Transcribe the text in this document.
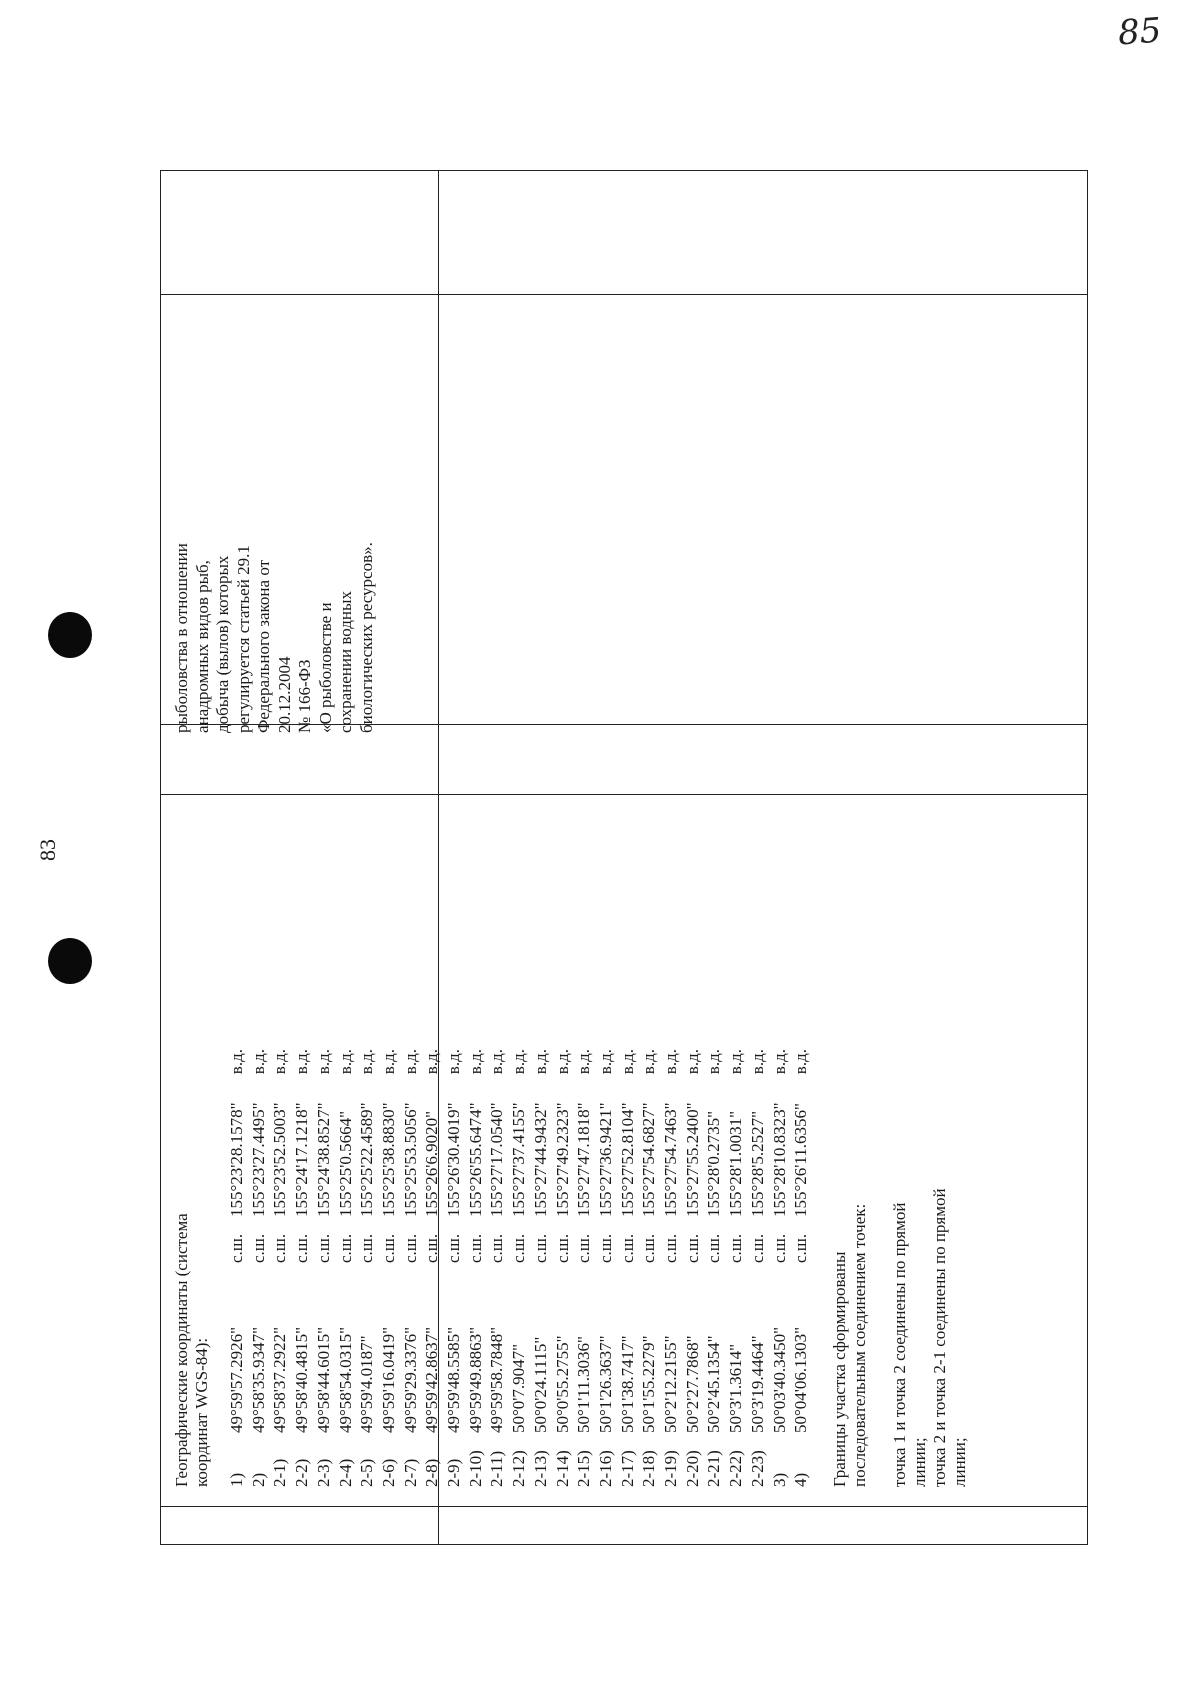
85
83
Географические координаты (система координат WGS-84): 1)
49°59'57.2926"
с.ш.
155°23'28.1578"
в.д.
2)
49°58'35.9347"
с.ш.
155°23'27.4495"
в.д.
2-1)
49°58'37.2922"
с.ш.
155°23'52.5003"
в.д.
2-2)
49°58'40.4815"
с.ш.
155°24'17.1218"
в.д.
2-3)
49°58'44.6015"
с.ш.
155°24'38.8527"
в.д.
2-4)
49°58'54.0315"
с.ш.
155°25'0.5664"
в.д.
2-5)
49°59'4.0187"
с.ш.
155°25'22.4589"
в.д.
2-6)
49°59'16.0419"
с.ш.
155°25'38.8830"
в.д.
2-7)
49°59'29.3376"
с.ш.
155°25'53.5056"
в.д.
2-8)
49°59'42.8637"
с.ш.
155°26'6.9020"
в.д.
2-9)
49°59'48.5585"
с.ш.
155°26'30.4019"
в.д.
2-10)
49°59'49.8863"
с.ш.
155°26'55.6474"
в.д.
2-11)
49°59'58.7848"
с.ш.
155°27'17.0540"
в.д.
2-12)
50°0'7.9047"
с.ш.
155°27'37.4155"
в.д.
2-13)
50°0'24.1115"
с.ш.
155°27'44.9432"
в.д.
2-14)
50°0'55.2755"
с.ш.
155°27'49.2323"
в.д.
2-15)
50°1'11.3036"
с.ш.
155°27'47.1818"
в.д.
2-16)
50°1'26.3637"
с.ш.
155°27'36.9421"
в.д.
2-17)
50°1'38.7417"
с.ш.
155°27'52.8104"
в.д.
2-18)
50°1'55.2279"
с.ш.
155°27'54.6827"
в.д.
2-19)
50°2'12.2155"
с.ш.
155°27'54.7463"
в.д.
2-20)
50°2'27.7868"
с.ш.
155°27'55.2400"
в.д.
2-21)
50°2'45.1354"
с.ш.
155°28'0.2735"
в.д.
2-22)
50°3'1.3614"
с.ш.
155°28'1.0031"
в.д.
2-23)
50°3'19.4464"
с.ш.
155°28'5.2527"
в.д.
3)
50°03'40.3450"
с.ш.
155°28'10.8323"
в.д.
4)
50°04'06.1303"
с.ш.
155°26'11.6356"
в.д.
Границы участка сформированы последовательным соединением точек: точка 1 и точка 2 соединены по прямой линии; точка 2 и точка 2-1 соединены по прямой линии;
рыболовства в отношении анадромных видов рыб, добыча (вылов) которых регулируется статьей 29.1 Федерального закона от 20.12.2004 № 166-ФЗ «О рыболовстве и сохранении водных биологических ресурсов».
